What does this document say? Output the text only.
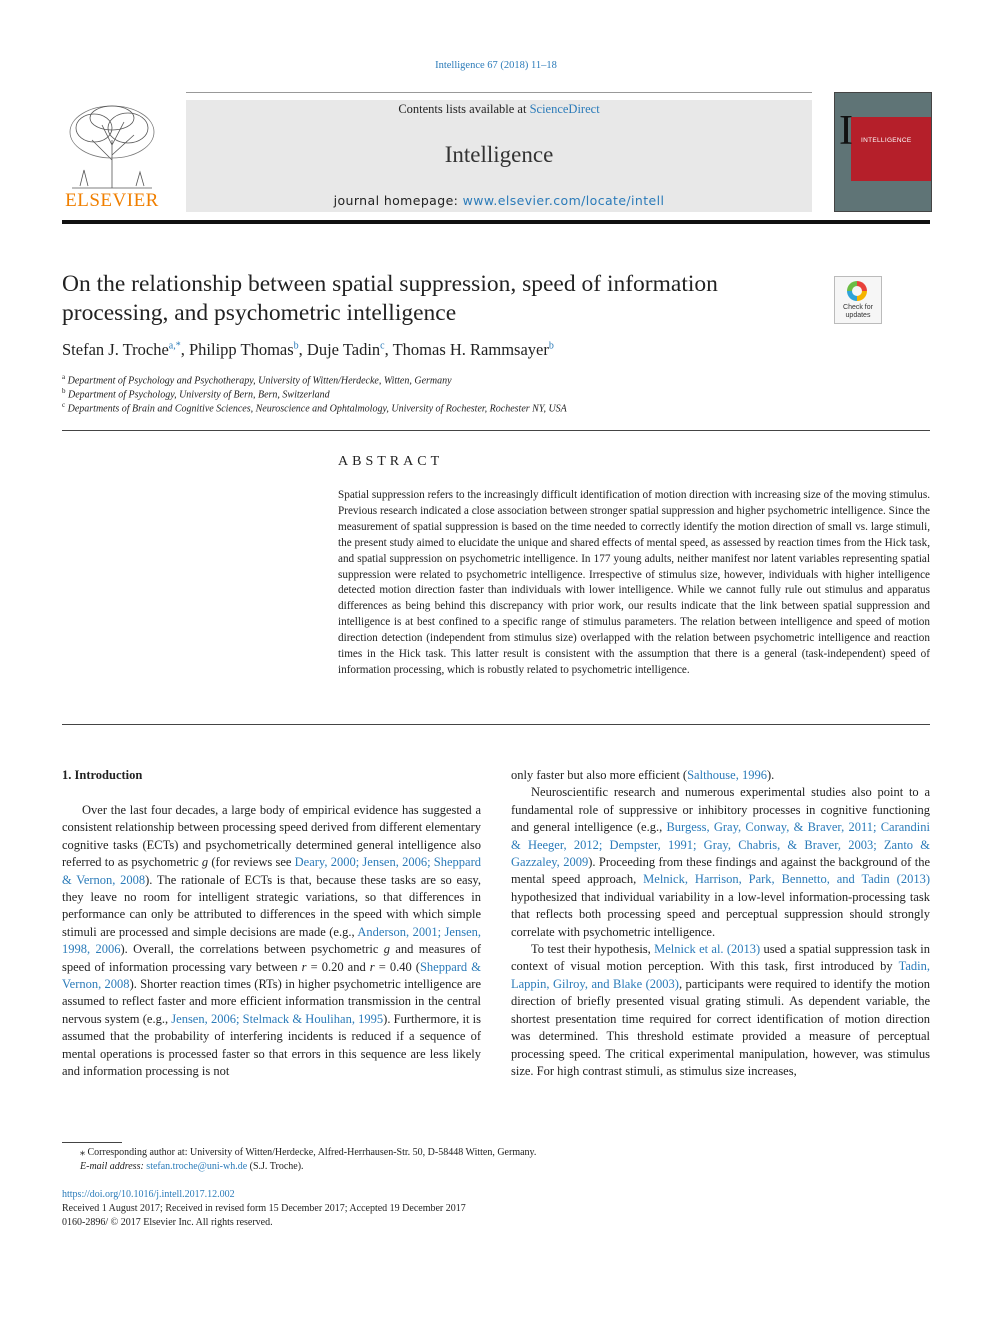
Intelligence 67 (2018) 11–18
ELSEVIER
Contents lists available at ScienceDirect
Intelligence
journal homepage: www.elsevier.com/locate/intell
I INTELLIGENCE
On the relationship between spatial suppression, speed of information
processing, and psychometric intelligence	Check for
updates
Stefan J. Troche$^{a,*}$, Philipp Thomas$^b$, Duje Tadin$^c$, Thomas H. Rammsayer$^b$
$^a$ Department of Psychology and Psychotherapy, University of Witten/Herdecke, Witten, Germany
$^b$ Department of Psychology, University of Bern, Bern, Switzerland
$^c$ Departments of Brain and Cognitive Sciences, Neuroscience and Ophtalmology, University of Rochester, Rochester NY, USA
ABSTRACT
Spatial suppression refers to the increasingly difficult identification of motion direction with increasing size of the moving stimulus. Previous research indicated a close association between stronger spatial suppression and higher psychometric intelligence. Since the measurement of spatial suppression is based on the time needed to correctly identify the motion direction of small vs. large stimuli, the present study aimed to elucidate the unique and shared effects of mental speed, as assessed by reaction times from the Hick task, and spatial suppression on psychometric intelligence. In 177 young adults, neither manifest nor latent variables representing spatial suppression were related to psychometric intelligence. Irrespective of stimulus size, however, individuals with higher intelligence detected motion direction faster than individuals with lower intelligence. While we cannot fully rule out stimulus and apparatus differences as being behind this discrepancy with prior work, our results indicate that the link between spatial suppression and intelligence is at best confined to a specific range of stimulus parameters. The relation between intelligence and speed of motion direction detection (independent from stimulus size) overlapped with the relation between psychometric intelligence and reaction times in the Hick task. This latter result is consistent with the assumption that there is a general (task-independent) speed of information processing, which is robustly related to psychometric intelligence.
1. Introduction

Over the last four decades, a large body of empirical evidence has suggested a consistent relationship between processing speed derived from different elementary cognitive tasks (ECTs) and psychometrically determined general intelligence also referred to as psychometric g (for reviews see Deary, 2000; Jensen, 2006; Sheppard & Vernon, 2008). The rationale of ECTs is that, because these tasks are so easy, they leave no room for intelligent strategic variations, so that differences in performance can only be attributed to differences in the speed with which simple stimuli are processed and simple decisions are made (e.g., Anderson, 2001; Jensen, 1998, 2006). Overall, the correlations between psychometric g and measures of speed of information processing vary between r = 0.20 and r = 0.40 (Sheppard & Vernon, 2008). Shorter reaction times (RTs) in higher psychometric intelligence are assumed to reflect faster and more efficient information transmission in the central nervous system (e.g., Jensen, 2006; Stelmack & Houlihan, 1995). Furthermore, it is assumed that the probability of interfering incidents is reduced if a sequence of mental operations is processed faster so that errors in this sequence are less likely and information processing is not

only faster but also more efficient (Salthouse, 1996).

Neuroscientific research and numerous experimental studies also point to a fundamental role of suppressive or inhibitory processes in cognitive functioning and general intelligence (e.g., Burgess, Gray, Conway, & Braver, 2011; Carandini & Heeger, 2012; Dempster, 1991; Gray, Chabris, & Braver, 2003; Zanto & Gazzaley, 2009). Proceeding from these findings and against the background of the mental speed approach, Melnick, Harrison, Park, Bennetto, and Tadin (2013) hypothesized that individual variability in a low-level information-processing task that reflects both processing speed and perceptual suppression should strongly correlate with psychometric intelligence.

To test their hypothesis, Melnick et al. (2013) used a spatial suppression task in context of visual motion perception. With this task, first introduced by Tadin, Lappin, Gilroy, and Blake (2003), participants were required to identify the motion direction of briefly presented visual grating stimuli. As dependent variable, the shortest presentation time required for correct identification of motion direction was determined. This threshold estimate provided a measure of perceptual processing speed. The critical experimental manipulation, however, was stimulus size. For high contrast stimuli, as stimulus size increases,

⁎ Corresponding author at: University of Witten/Herdecke, Alfred-Herrhausen-Str. 50, D-58448 Witten, Germany.
E-mail address: stefan.troche@uni-wh.de (S.J. Troche).
https://doi.org/10.1016/j.intell.2017.12.002
Received 1 August 2017; Received in revised form 15 December 2017; Accepted 19 December 2017
0160-2896/ © 2017 Elsevier Inc. All rights reserved.
